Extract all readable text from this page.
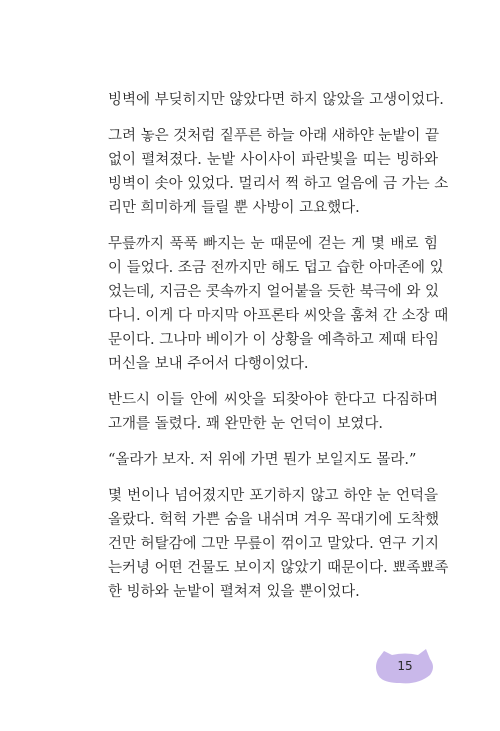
빙벽에 부딪히지만 않았다면 하지 않았을 고생이었다.
그려 놓은 것처럼 짙푸른 하늘 아래 새하얀 눈밭이 끝
없이 펼쳐졌다. 눈밭 사이사이 파란빛을 띠는 빙하와
빙벽이 솟아 있었다. 멀리서 쩍 하고 얼음에 금 가는 소
리만 희미하게 들릴 뿐 사방이 고요했다.
무릎까지 푹푹 빠지는 눈 때문에 걷는 게 몇 배로 힘
이 들었다. 조금 전까지만 해도 덥고 습한 아마존에 있
었는데, 지금은 콧속까지 얼어붙을 듯한 북극에 와 있
다니. 이게 다 마지막 아프론타 씨앗을 훔쳐 간 소장 때
문이다. 그나마 베이가 이 상황을 예측하고 제때 타임
머신을 보내 주어서 다행이었다.
반드시 이들 안에 씨앗을 되찾아야 한다고 다짐하며
고개를 돌렸다. 꽤 완만한 눈 언덕이 보였다.
“올라가 보자. 저 위에 가면 뭔가 보일지도 몰라.”
몇 번이나 넘어졌지만 포기하지 않고 하얀 눈 언덕을
올랐다. 헉헉 가쁜 숨을 내쉬며 겨우 꼭대기에 도착했
건만 허탈감에 그만 무릎이 꺾이고 말았다. 연구 기지
는커녕 어떤 건물도 보이지 않았기 때문이다. 뾰족뾰족
한 빙하와 눈밭이 펼쳐져 있을 뿐이었다.
15
